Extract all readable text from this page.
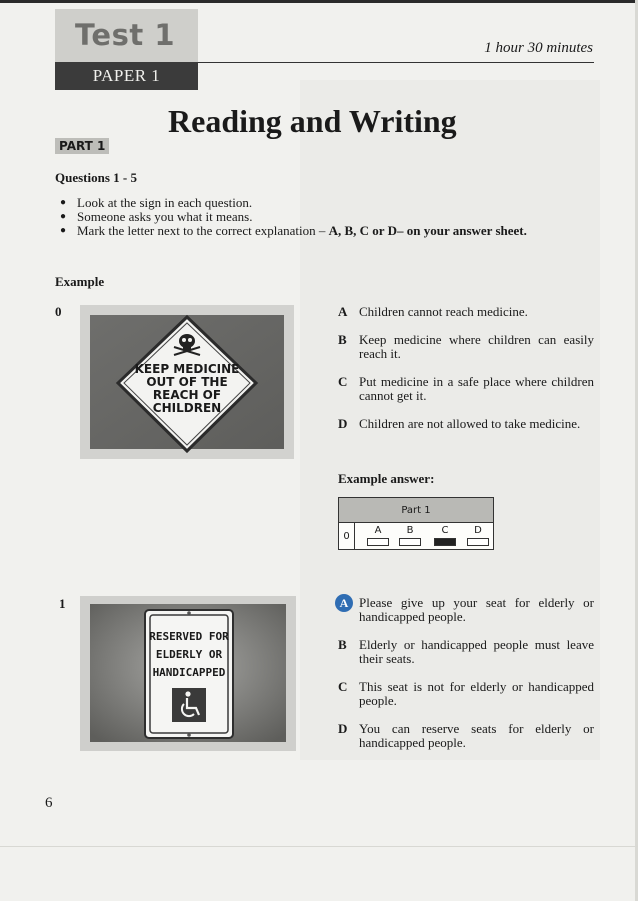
Test 1
PAPER 1
1 hour 30 minutes
Reading and Writing
PART 1
Questions 1 - 5
● Look at the sign in each question.
● Someone asks you what it means.
● Mark the letter next to the correct explanation – A, B, C or D– on your answer sheet.
Example
0
KEEP MEDICINE
OUT OF THE
REACH OF
CHILDREN
A Children cannot reach medicine.
B Keep medicine where children can easily reach it.
C Put medicine in a safe place where children cannot get it.
D Children are not allowed to take medicine.
Example answer:
Part 1
0	A	B	C	D
1
RESERVED FOR
ELDERLY OR
HANDICAPPED
A Please give up your seat for elderly or handicapped people.
B Elderly or handicapped people must leave their seats.
C This seat is not for elderly or handicapped people.
D You can reserve seats for elderly or handicapped people.
6
